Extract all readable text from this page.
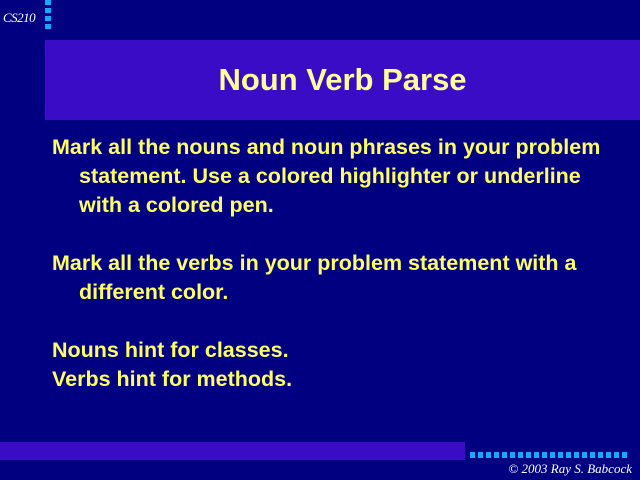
CS210
Noun Verb Parse

Mark all the nouns and noun phrases in your problem statement. Use a colored highlighter or underline with a colored pen.

Mark all the verbs in your problem statement with a different color.

Nouns hint for classes.

Verbs hint for methods.

© 2003 Ray S. Babcock
